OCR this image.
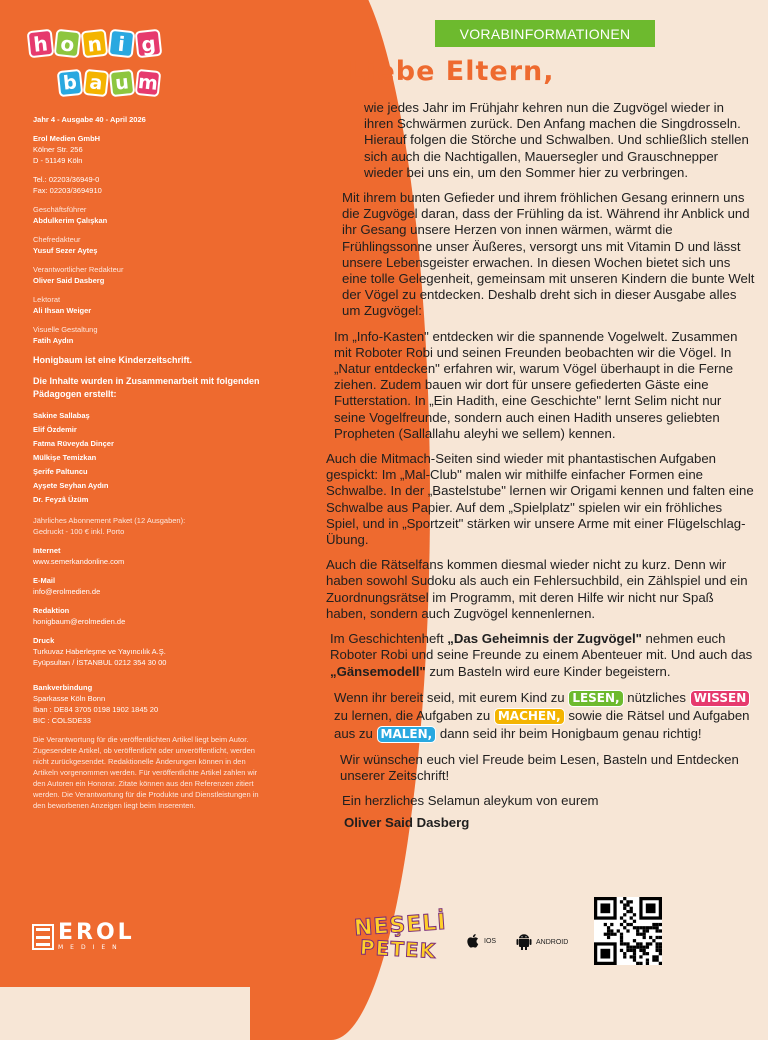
h o n i g
b a u m
Jahr 4 - Ausgabe 40 - April 2026
Erol Medien GmbH
Kölner Str. 256
D - 51149 Köln
Tel.: 02203/36949-0
Fax: 02203/3694910
Geschäftsführer
Abdulkerim Çalışkan
Chefredakteur
Yusuf Sezer Ayteş
Verantwortlicher Redakteur
Oliver Said Dasberg
Lektorat
Ali Ihsan Weiger
Visuelle Gestaltung
Fatih Aydın
Honigbaum ist eine Kinderzeitschrift.
Die Inhalte wurden in Zusammenarbeit mit folgenden Pädagogen erstellt:
Sakine Sallabaş
Elif Özdemir
Fatma Rüveyda Dinçer
Mülkişe Temizkan
Şerife Paltuncu
Ayşete Seyhan Aydın
Dr. Feyzâ Üzüm
Jährliches Abonnement Paket (12 Ausgaben):
Gedruckt - 100 € inkl. Porto
Internet
www.semerkandonline.com
E-Mail
info@erolmedien.de
Redaktion
honigbaum@erolmedien.de
Druck
Turkuvaz Haberleşme ve Yayıncılık A.Ş.
Eyüpsultan / İSTANBUL 0212 354 30 00
Bankverbindung
Sparkasse Köln Bonn
Iban : DE84 3705 0198 1902 1845 20
BIC : COLSDE33
Die Verantwortung für die veröffentlichten Artikel liegt beim Autor. Zugesendete Artikel, ob veröffentlicht oder unveröffentlicht, werden nicht zurückgesendet. Redaktionelle Änderungen können in den Artikeln vorgenommen werden. Für veröffentlichte Artikel zahlen wir den Autoren ein Honorar. Zitate können aus den Referenzen zitiert werden. Die Verantwortung für die Produkte und Dienstleistungen in den beworbenen Anzeigen liegt beim Inserenten.
EROL
MEDIEN
VORABINFORMATIONEN
Liebe Eltern,

wie jedes Jahr im Frühjahr kehren nun die Zugvögel wieder in ihren Schwärmen zurück. Den Anfang machen die Singdrosseln. Hierauf folgen die Störche und Schwalben. Und schließlich stellen sich auch die Nachtigallen, Mauersegler und Grauschnepper wieder bei uns ein, um den Sommer hier zu verbringen.

Mit ihrem bunten Gefieder und ihrem fröhlichen Gesang erinnern uns die Zugvögel daran, dass der Frühling da ist. Während ihr Anblick und ihr Gesang unsere Herzen von innen wärmen, wärmt die Frühlingssonne unser Äußeres, versorgt uns mit Vitamin D und lässt unsere Lebensgeister erwachen. In diesen Wochen bietet sich uns eine tolle Gelegenheit, gemeinsam mit unseren Kindern die bunte Welt der Vögel zu entdecken. Deshalb dreht sich in dieser Ausgabe alles um Zugvögel:

Im „Info-Kasten" entdecken wir die spannende Vogelwelt. Zusammen mit Roboter Robi und seinen Freunden beobachten wir die Vögel. In „Natur entdecken" erfahren wir, warum Vögel überhaupt in die Ferne ziehen. Zudem bauen wir dort für unsere gefiederten Gäste eine Futterstation. In „Ein Hadith, eine Geschichte" lernt Selim nicht nur seine Vogelfreunde, sondern auch einen Hadith unseres geliebten Propheten (Sallallahu aleyhi we sellem) kennen.

Auch die Mitmach-Seiten sind wieder mit phantastischen Aufgaben gespickt: Im „Mal-Club" malen wir mithilfe einfacher Formen eine Schwalbe. In der „Bastelstube" lernen wir Origami kennen und falten eine Schwalbe aus Papier. Auf dem „Spielplatz" spielen wir ein fröhliches Spiel, und in „Sportzeit" stärken wir unsere Arme mit einer Flügelschlag-Übung.

Auch die Rätselfans kommen diesmal wieder nicht zu kurz. Denn wir haben sowohl Sudoku als auch ein Fehlersuchbild, ein Zählspiel und ein Zuordnungsrätsel im Programm, mit deren Hilfe wir nicht nur Spaß haben, sondern auch Zugvögel kennenlernen.

Im Geschichtenheft „Das Geheimnis der Zugvögel" nehmen euch Roboter Robi und seine Freunde zu einem Abenteuer mit. Und auch das „Gänsemodell" zum Basteln wird eure Kinder begeistern.

Wenn ihr bereit seid, mit eurem Kind zu LESEN, nützliches WISSEN zu lernen, die Aufgaben zu MACHEN, sowie die Rätsel und Aufgaben aus zu MALEN, dann seid ihr beim Honigbaum genau richtig!

Wir wünschen euch viel Freude beim Lesen, Basteln und Entdecken unserer Zeitschrift!

Ein herzliches Selamun aleykum von eurem

Oliver Said Dasberg

NEŞELİ
PETEK	IOS	ANDROID
